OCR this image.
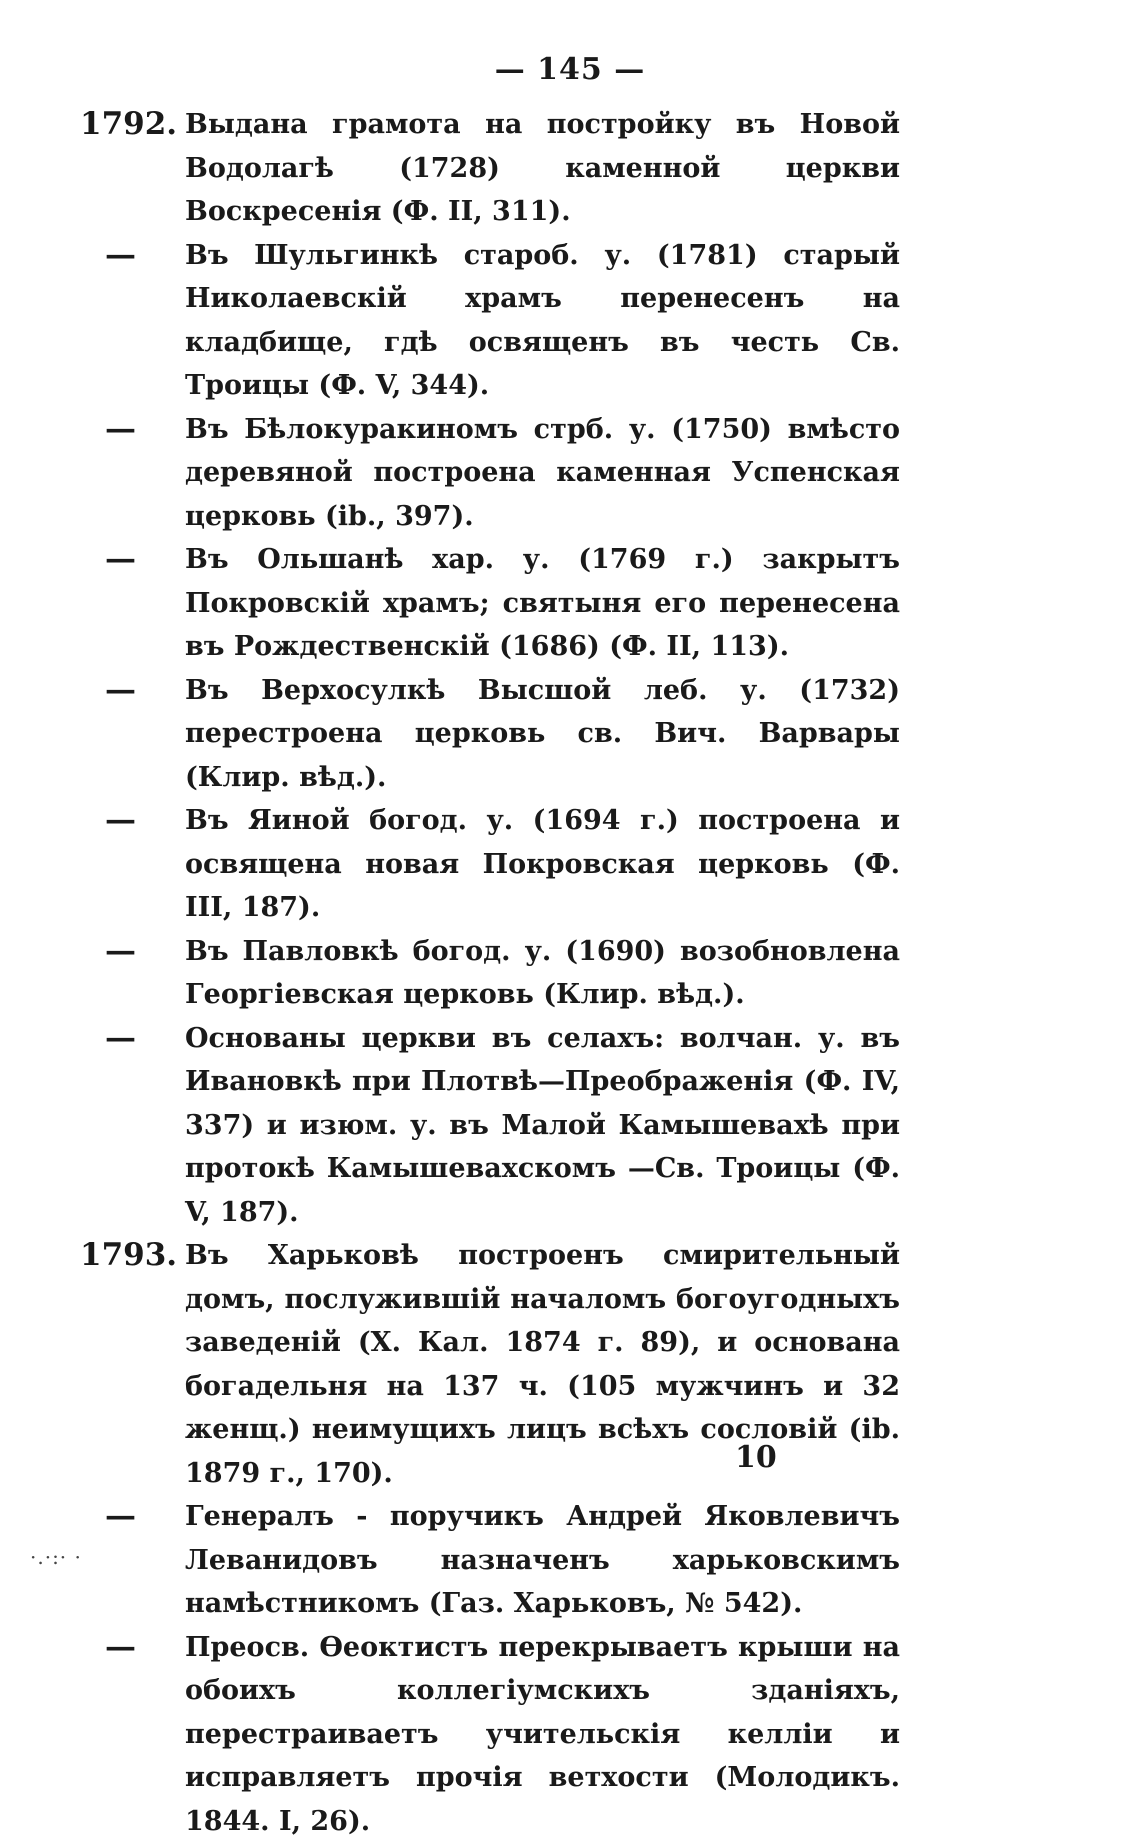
— 145 —
1792. Выдана грамота на постройку въ Новой Водолагѣ (1728) каменной церкви Воскресенія (Ф. II, 311).
—	Въ Шульгинкѣ староб. у. (1781) старый Николаевскій храмъ перенесенъ на кладбище, гдѣ освященъ въ честь Св. Троицы (Ф. V, 344).
—	Въ Бѣлокуракиномъ стрб. у. (1750) вмѣсто деревяной построена каменная Успенская церковь (ib., 397).
—	Въ Ольшанѣ хар. у. (1769 г.) закрытъ Покровскій храмъ; святыня его перенесена въ Рождественскій (1686) (Ф. II, 113).
—	Въ Верхосулкѣ Высшой леб. у. (1732) перестроена церковь св. Вич. Варвары (Клир. вѣд.).
—	Въ Яиной богод. у. (1694 г.) построена и освящена новая Покровская церковь (Ф. III, 187).
—	Въ Павловкѣ богод. у. (1690) возобновлена Георгіевская церковь (Клир. вѣд.).
—	Основаны церкви въ селахъ: волчан. у. въ Ивановкѣ при Плотвѣ—Преображенія (Ф. IV, 337) и изюм. у. въ Малой Камышевахѣ при протокѣ Камышевахскомъ —Св. Троицы (Ф. V, 187).
1793. Въ Харьковѣ построенъ смирительный домъ, послужившій началомъ богоугодныхъ заведеній (Х. Кал. 1874 г. 89), и основана богадельня на 137 ч. (105 мужчинъ и 32 женщ.) неимущихъ лицъ всѣхъ сословій (ib. 1879 г., 170).
—	Генералъ - поручикъ Андрей Яковлевичъ Леванидовъ назначенъ харьковскимъ намѣстникомъ (Газ. Харьковъ, № 542).
—	Преосв. Ѳеоктистъ перекрываетъ крыши на обоихъ коллегіумскихъ зданіяхъ, перестраиваетъ учительскія келліи и исправляетъ прочія ветхости (Молодикъ. 1844. I, 26).
10
·.·:· ·
